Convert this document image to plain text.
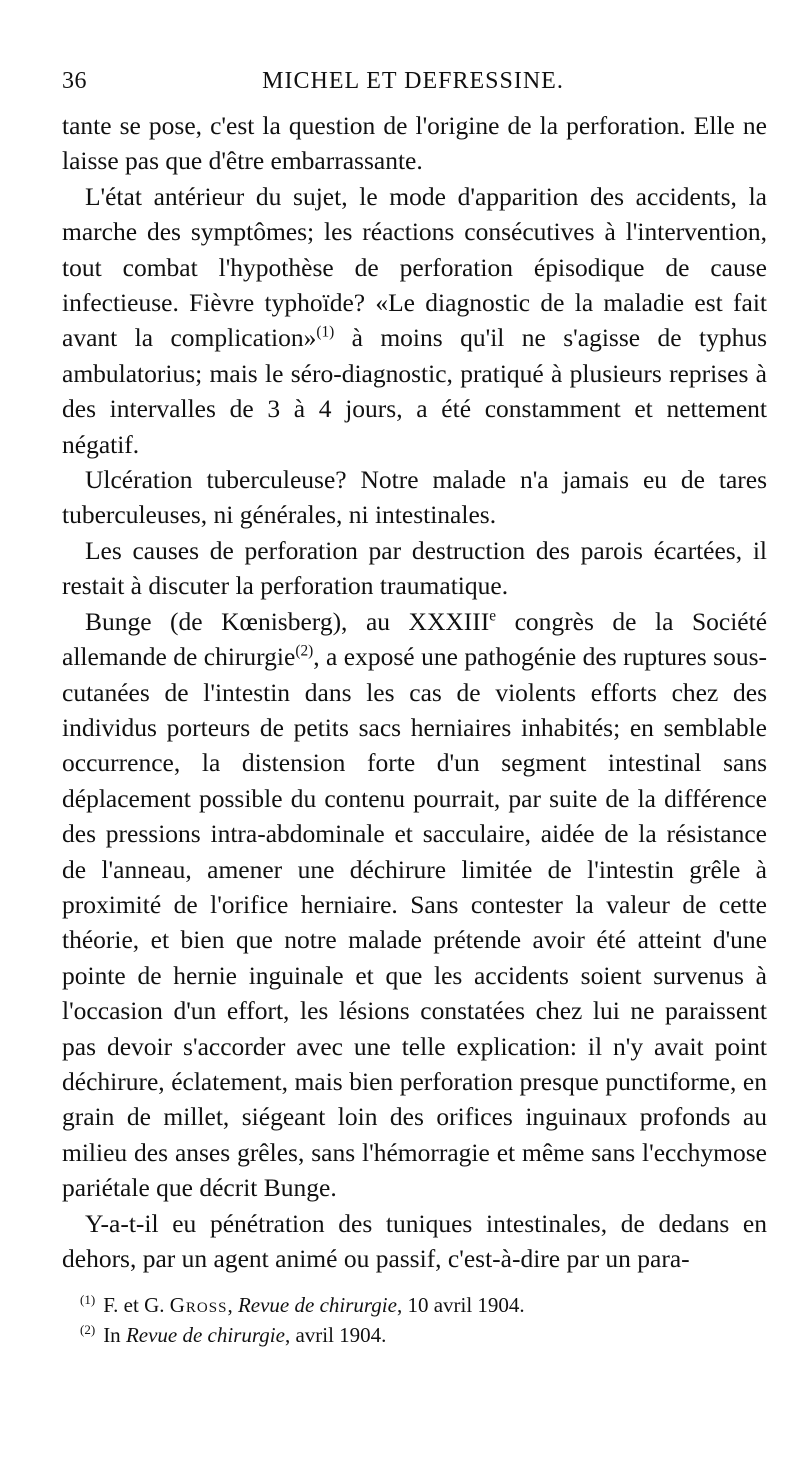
36	MICHEL ET DEFRESSINE.

tante se pose, c'est la question de l'origine de la perforation. Elle ne laisse pas que d'être embarrassante.

L'état antérieur du sujet, le mode d'apparition des accidents, la marche des symptômes; les réactions consécutives à l'intervention, tout combat l'hypothèse de perforation épisodique de cause infectieuse. Fièvre typhoïde? «Le diagnostic de la maladie est fait avant la complication»$^{(1)}$ à moins qu'il ne s'agisse de typhus ambulatorius; mais le séro-diagnostic, pratiqué à plusieurs reprises à des intervalles de 3 à 4 jours, a été constamment et nettement négatif.

Ulcération tuberculeuse? Notre malade n'a jamais eu de tares tuberculeuses, ni générales, ni intestinales.

Les causes de perforation par destruction des parois écartées, il restait à discuter la perforation traumatique.

Bunge (de Kœnisberg), au XXXIIIe congrès de la Société allemande de chirurgie$^{(2)}$, a exposé une pathogénie des ruptures sous-cutanées de l'intestin dans les cas de violents efforts chez des individus porteurs de petits sacs herniaires inhabités; en semblable occurrence, la distension forte d'un segment intestinal sans déplacement possible du contenu pourrait, par suite de la différence des pressions intra-abdominale et sacculaire, aidée de la résistance de l'anneau, amener une déchirure limitée de l'intestin grêle à proximité de l'orifice herniaire. Sans contester la valeur de cette théorie, et bien que notre malade prétende avoir été atteint d'une pointe de hernie inguinale et que les accidents soient survenus à l'occasion d'un effort, les lésions constatées chez lui ne paraissent pas devoir s'accorder avec une telle explication: il n'y avait point déchirure, éclatement, mais bien perforation presque punctiforme, en grain de millet, siégeant loin des orifices inguinaux profonds au milieu des anses grêles, sans l'hémorragie et même sans l'ecchymose pariétale que décrit Bunge.

Y-a-t-il eu pénétration des tuniques intestinales, de dedans en dehors, par un agent animé ou passif, c'est-à-dire par un para-

$^{(1)}$ F. et G. Gross, Revue de chirurgie, 10 avril 1904.

$^{(2)}$ In Revue de chirurgie, avril 1904.
